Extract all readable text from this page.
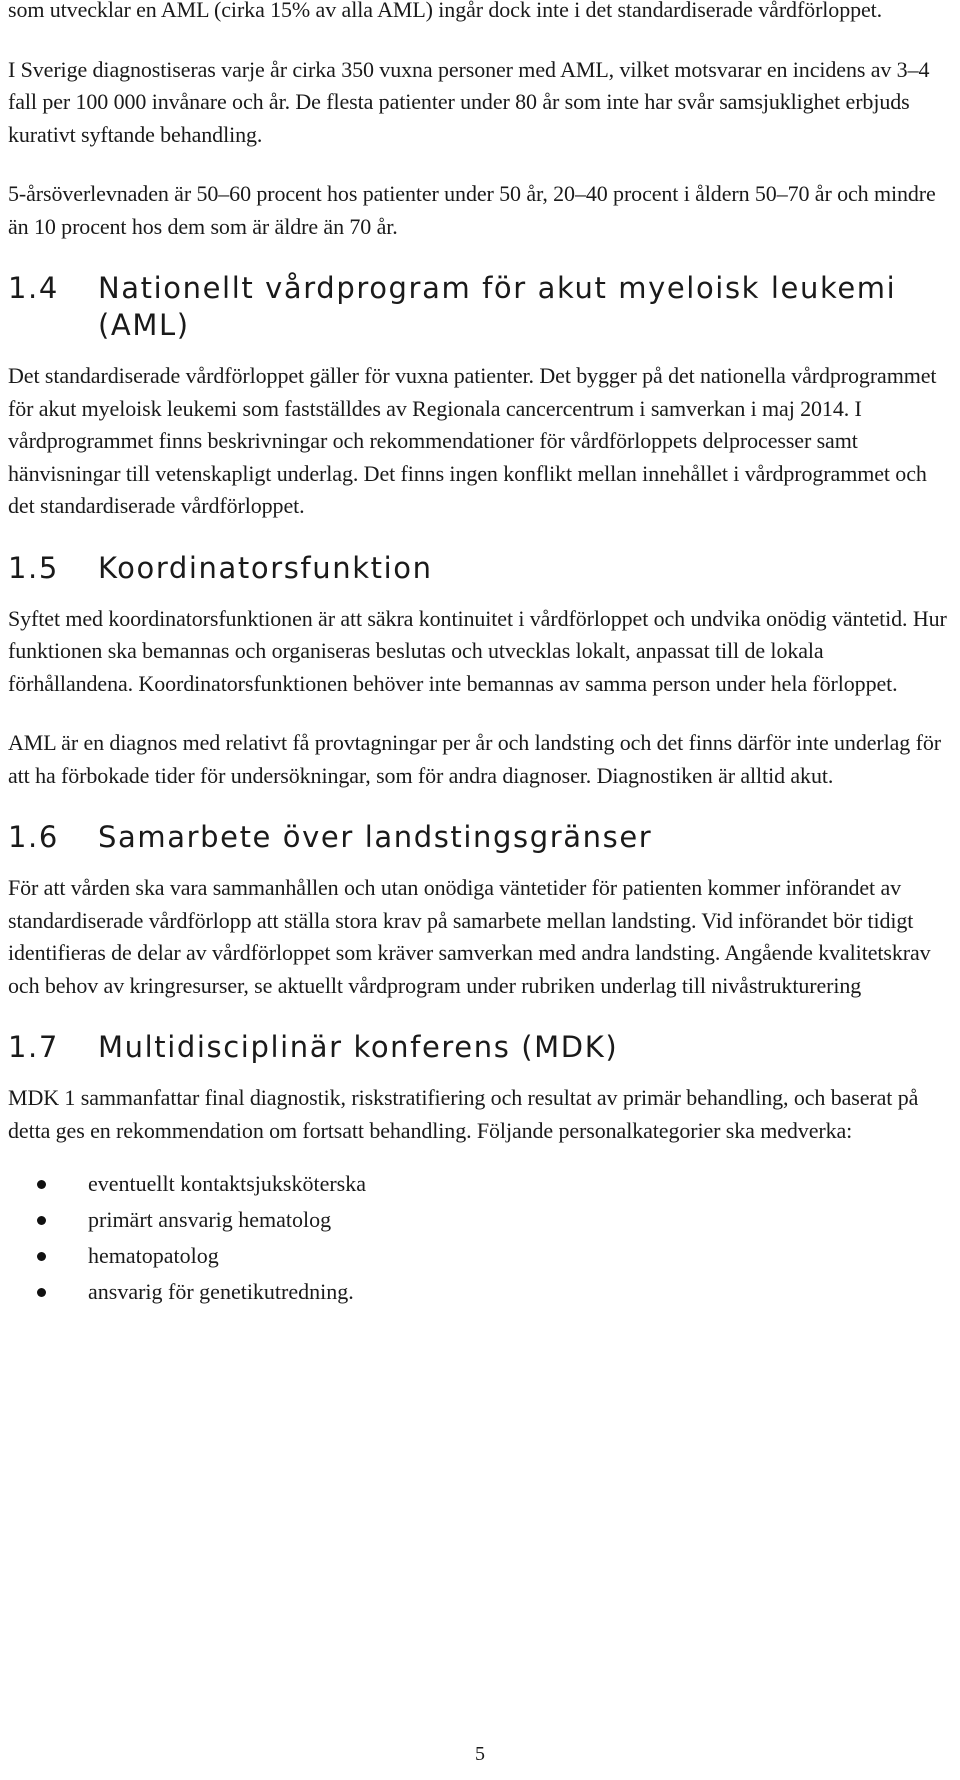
som utvecklar en AML (cirka 15% av alla AML) ingår dock inte i det standardiserade vårdförloppet.

I Sverige diagnostiseras varje år cirka 350 vuxna personer med AML, vilket motsvarar en incidens av 3–4 fall per 100 000 invånare och år. De flesta patienter under 80 år som inte har svår samsjuklighet erbjuds kurativt syftande behandling.

5-årsöverlevnaden är 50–60 procent hos patienter under 50 år, 20–40 procent i åldern 50–70 år och mindre än 10 procent hos dem som är äldre än 70 år.

1.4	Nationellt vårdprogram för akut myeloisk leukemi (AML)

Det standardiserade vårdförloppet gäller för vuxna patienter. Det bygger på det nationella vårdprogrammet för akut myeloisk leukemi som fastställdes av Regionala cancercentrum i samverkan i maj 2014. I vårdprogrammet finns beskrivningar och rekommendationer för vårdförloppets delprocesser samt hänvisningar till vetenskapligt underlag. Det finns ingen konflikt mellan innehållet i vårdprogrammet och det standardiserade vårdförloppet.

1.5	Koordinatorsfunktion

Syftet med koordinatorsfunktionen är att säkra kontinuitet i vårdförloppet och undvika onödig väntetid. Hur funktionen ska bemannas och organiseras beslutas och utvecklas lokalt, anpassat till de lokala förhållandena. Koordinatorsfunktionen behöver inte bemannas av samma person under hela förloppet.

AML är en diagnos med relativt få provtagningar per år och landsting och det finns därför inte underlag för att ha förbokade tider för undersökningar, som för andra diagnoser. Diagnostiken är alltid akut.

1.6	Samarbete över landstingsgränser

För att vården ska vara sammanhållen och utan onödiga väntetider för patienten kommer införandet av standardiserade vårdförlopp att ställa stora krav på samarbete mellan landsting. Vid införandet bör tidigt identifieras de delar av vårdförloppet som kräver samverkan med andra landsting. Angående kvalitetskrav och behov av kringresurser, se aktuellt vårdprogram under rubriken underlag till nivåstrukturering

1.7	Multidisciplinär konferens (MDK)

MDK 1 sammanfattar final diagnostik, riskstratifiering och resultat av primär behandling, och baserat på detta ges en rekommendation om fortsatt behandling. Följande personalkategorier ska medverka:

eventuellt kontaktsjuksköterska
primärt ansvarig hematolog
hematopatolog
ansvarig för genetikutredning.
5
